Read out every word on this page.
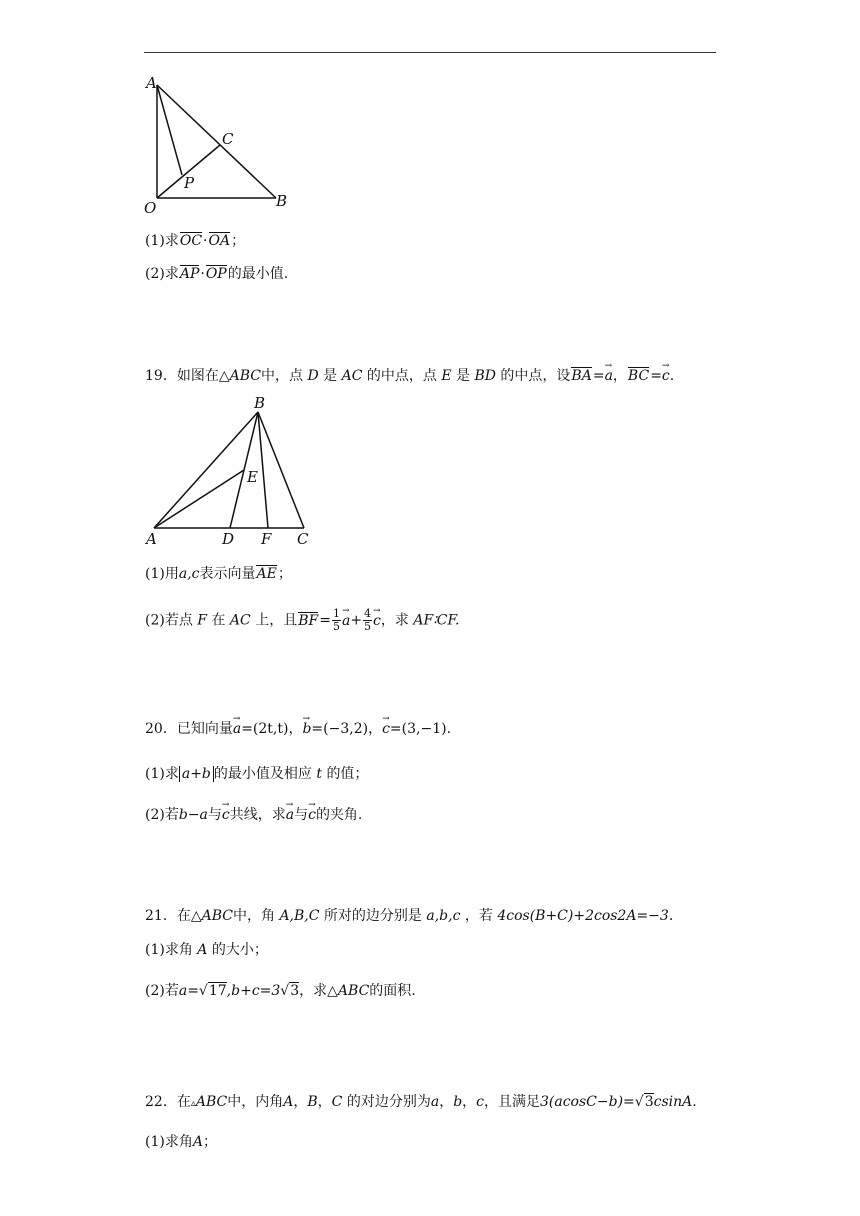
A
C
P
O	B
(1)求OC·OA；
(2)求AP·OP的最小值.
19．如图在△ABC中，点 D 是 AC 的中点，点 E 是 BD 的中点，设BA=→ a，BC=→ c.
B
E
A	D F C
(1)用a,c表示向量AE；
(2)若点 F 在 AC 上，且$BF= \frac{1}{5}$
→ $a+ \frac{4}{5}$
→ c，求 AF∶CF.
20．已知向量→ a=(2t,t)，→ b=(−3,2)，→ c=(3,−1).
(1)求 a+b 的最小值及相应 t 的值；
(2)若b−a与→ c共线，求→ a与→ c的夹角.
21．在△ABC中，角 A,B,C 所对的边分别是 a,b,c ，若 4cos(B+C)+2cos2A=−3.
(1)求角 A 的大小；
(2)若a=√17,b+c=3√3，求△ABC的面积.
22．在▵ABC中，内角A，B，C 的对边分别为a，b，c，且满足3(acosC−b)=√3csinA.
(1)求角A；
